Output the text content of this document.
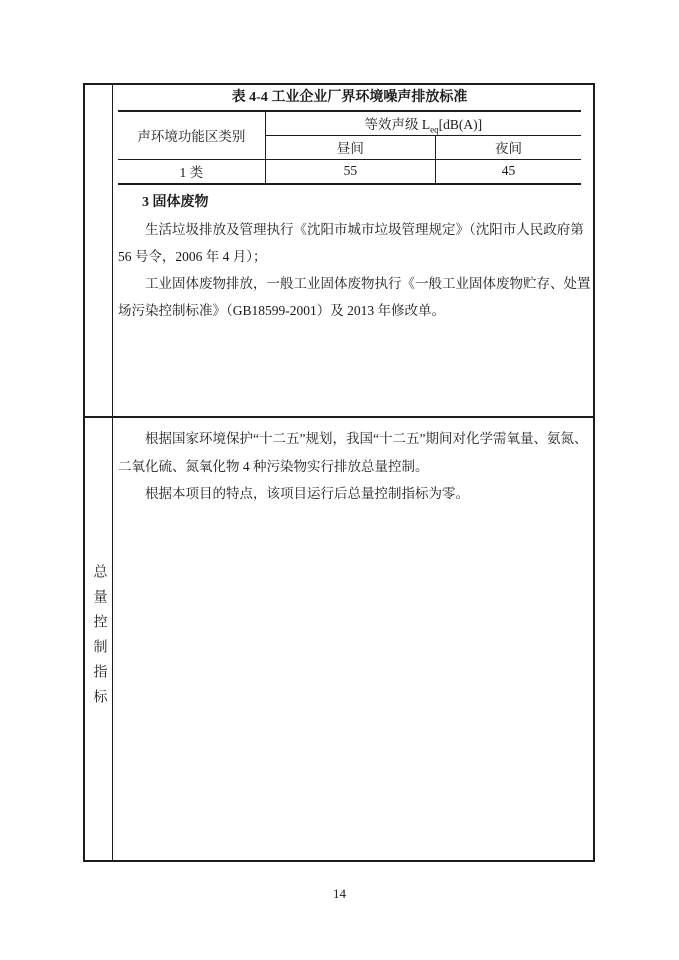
表 4-4 工业企业厂界环境噪声排放标准

声环境功能区类别	等效声级 $L_{eq}[dB(A)]$	
	昼间	夜间
1 类	55	45

3 固体废物

生活垃圾排放及管理执行《沈阳市城市垃圾管理规定》（沈阳市人民政府第
56 号令，2006 年 4 月）；
工业固体废物排放，一般工业固体废物执行《一般工业固体废物贮存、处置
场污染控制标准》（GB18599-2001）及 2013 年修改单。
总量控制指标
根据国家环境保护“十二五”规划，我国“十二五”期间对化学需氧量、氨氮、
二氧化硫、氮氧化物 4 种污染物实行排放总量控制。
根据本项目的特点，该项目运行后总量控制指标为零。
14
